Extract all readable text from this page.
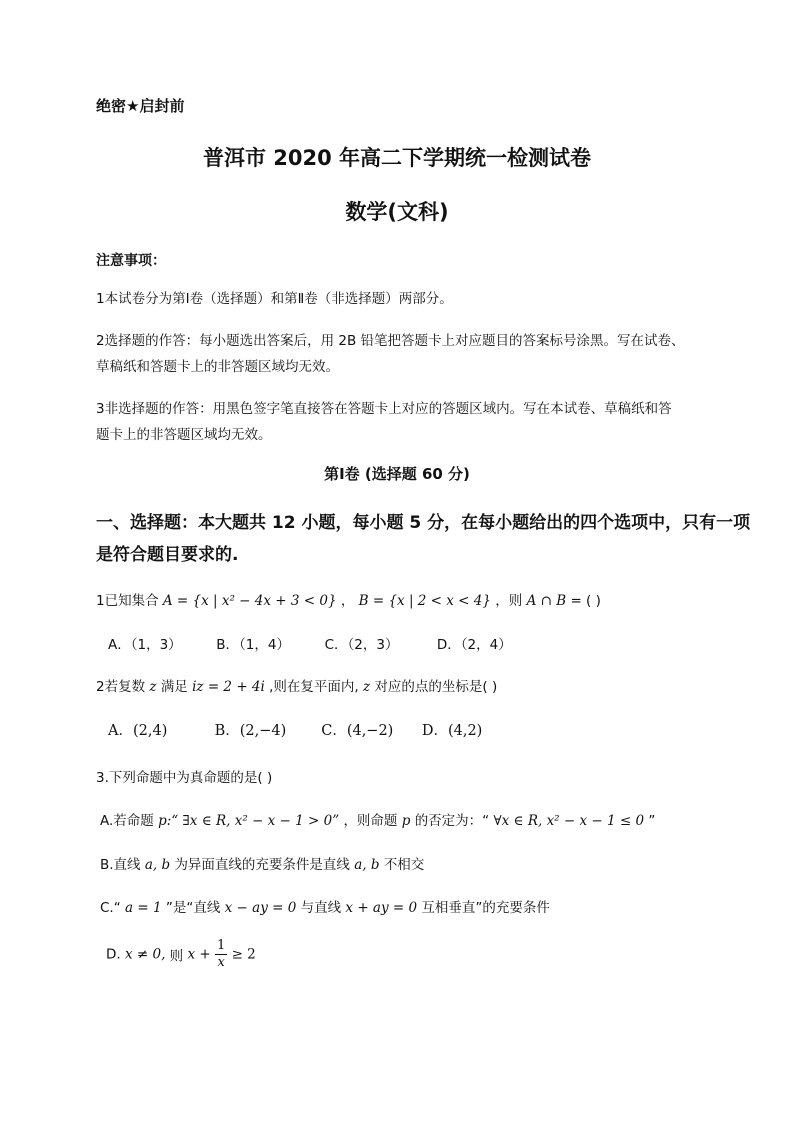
绝密★启封前
普洱市 2020 年高二下学期统一检测试卷
数学(文科)
注意事项：
1本试卷分为第Ⅰ卷（选择题）和第Ⅱ卷（非选择题）两部分。
2选择题的作答：每小题选出答案后，用 2B 铅笔把答题卡上对应题目的答案标号涂黑。写在试卷、
草稿纸和答题卡上的非答题区域均无效。
3非选择题的作答：用黑色签字笔直接答在答题卡上对应的答题区域内。写在本试卷、草稿纸和答
题卡上的非答题区域均无效。
第Ⅰ卷 (选择题 60 分)
一、选择题：本大题共 12 小题，每小题 5 分，在每小题给出的四个选项中，只有一项
是符合题目要求的.
1已知集合 A = {x | x² − 4x + 3 < 0} ， B = {x | 2 < x < 4} ，则 A ∩ B = ( )
A．（1，3）	B．（1，4）	C．（2，3）	D．（2，4）
2若复数 z 满足 iz = 2 + 4i ,则在复平面内, z 对应的点的坐标是( )
A．(2,4)	B．(2,−4) C．(4,−2) D．(4,2)
3.下列命题中为真命题的是( )
A.若命题 p:“ ∃x ∈ R, x² − x − 1 > 0” ，则命题 p 的否定为：“ ∀x ∈ R, x² − x − 1 ≤ 0 ”
B.直线 a, b 为异面直线的充要条件是直线 a, b 不相交
C.“ a = 1 ”是“直线 x − ay = 0 与直线 x + ay = 0 互相垂直”的充要条件
D. x ≠ 0, 则 $x + \frac{1}{x} \ge 2$
